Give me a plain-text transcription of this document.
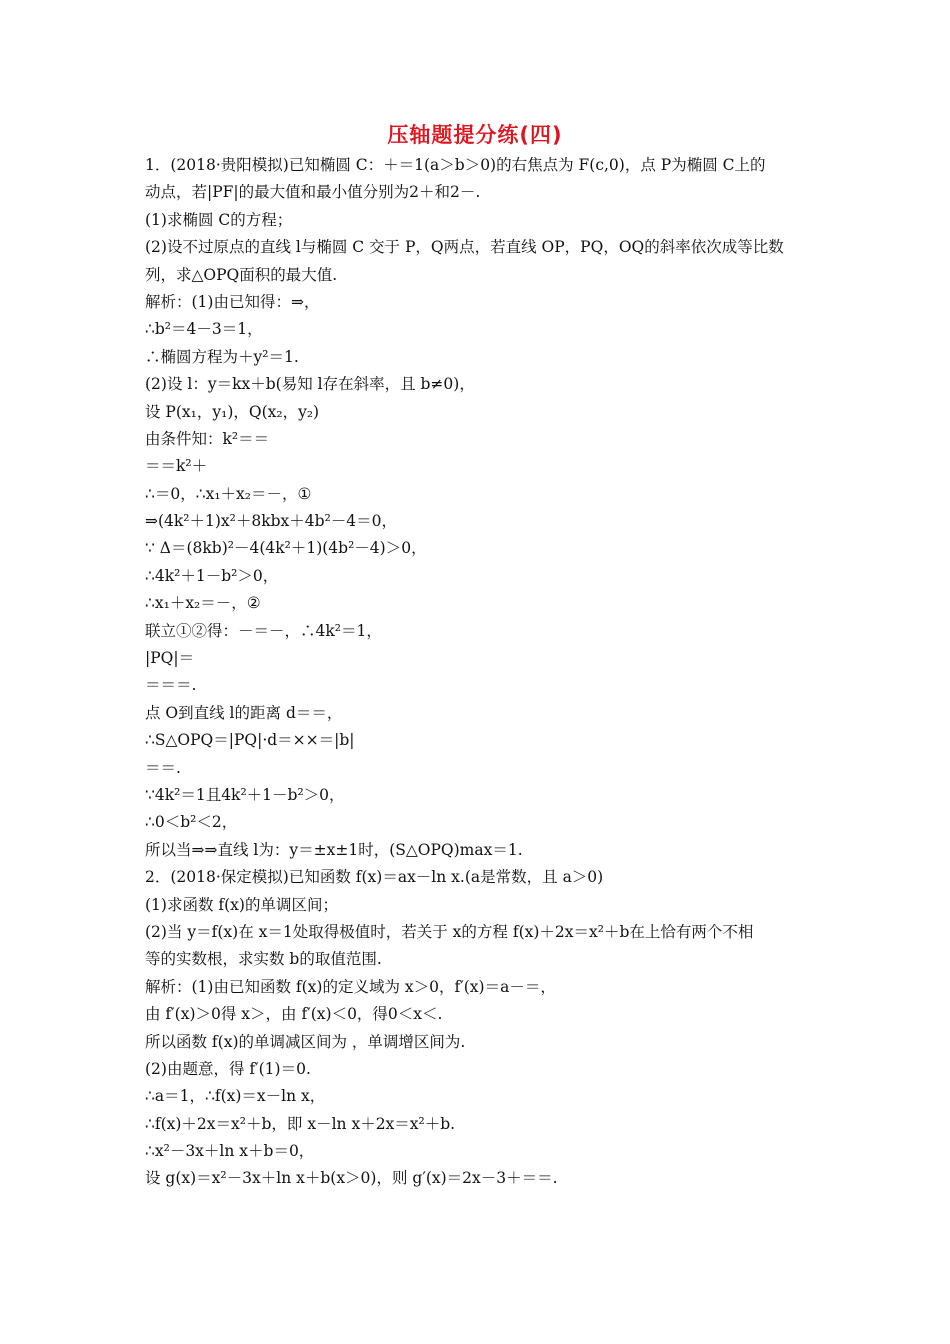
压轴题提分练(四)
1．(2018·贵阳模拟)已知椭圆 C：＋＝1(a＞b＞0)的右焦点为 F(c,0)，点 P为椭圆 C上的
动点，若|PF|的最大值和最小值分别为2＋和2－.
(1)求椭圆 C的方程；
(2)设不过原点的直线 l与椭圆 C 交于 P，Q两点，若直线 OP，PQ，OQ的斜率依次成等比数
列，求△OPQ面积的最大值.
解析：(1)由已知得：⇒，
∴b²＝4－3＝1，
∴椭圆方程为＋y²＝1.
(2)设 l：y＝kx＋b(易知 l存在斜率，且 b≠0)，
设 P(x₁，y₁)，Q(x₂，y₂)
由条件知：k²＝＝
＝＝k²＋
∴＝0，∴x₁＋x₂＝－，①
⇒(4k²＋1)x²＋8kbx＋4b²－4＝0，
∵ Δ＝(8kb)²－4(4k²＋1)(4b²－4)＞0，
∴4k²＋1－b²＞0，
∴x₁＋x₂＝－，②
联立①②得：－＝－，∴4k²＝1，
|PQ|＝
＝＝＝.
点 O到直线 l的距离 d＝＝，
∴S△OPQ＝|PQ|·d＝××＝|b|
＝＝.
∵4k²＝1且4k²＋1－b²＞0，
∴0＜b²＜2，
所以当⇒⇒直线 l为：y＝±x±1时，(S△OPQ)max＝1.
2．(2018·保定模拟)已知函数 f(x)＝ax－ln x.(a是常数，且 a＞0)
(1)求函数 f(x)的单调区间；
(2)当 y＝f(x)在 x＝1处取得极值时，若关于 x的方程 f(x)＋2x＝x²＋b在上恰有两个不相
等的实数根，求实数 b的取值范围.
解析：(1)由已知函数 f(x)的定义域为 x＞0，f′(x)＝a－＝，
由 f′(x)＞0得 x＞，由 f′(x)＜0，得0＜x＜.
所以函数 f(x)的单调减区间为 ，单调增区间为.
(2)由题意，得 f′(1)＝0.
∴a＝1，∴f(x)＝x－ln x，
∴f(x)＋2x＝x²＋b，即 x－ln x＋2x＝x²＋b.
∴x²－3x＋ln x＋b＝0，
设 g(x)＝x²－3x＋ln x＋b(x＞0)，则 g′(x)＝2x－3＋＝＝.
